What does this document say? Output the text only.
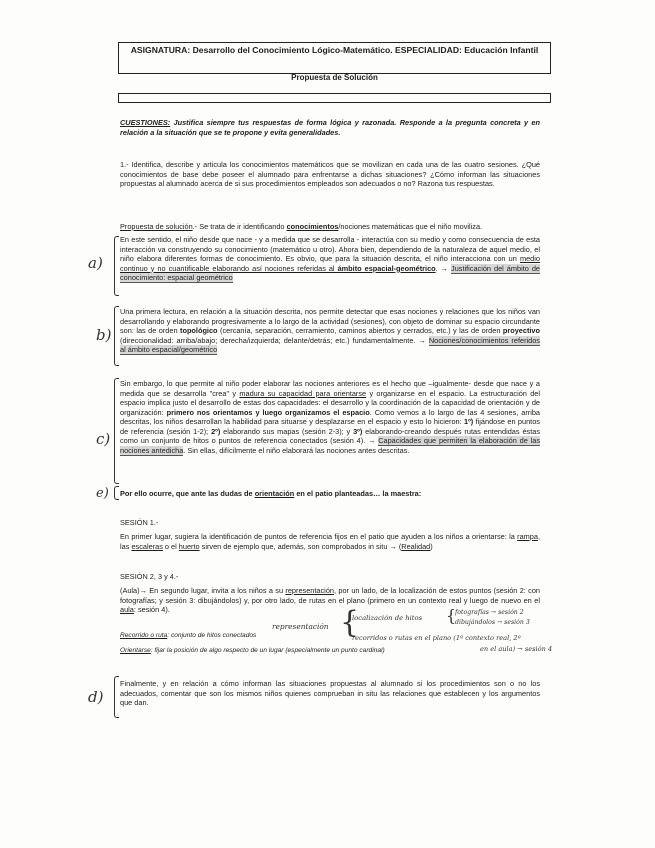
ASIGNATURA: Desarrollo del Conocimiento Lógico-Matemático. ESPECIALIDAD: Educación Infantil
Propuesta de Solución
CUESTIONES: Justifica siempre tus respuestas de forma lógica y razonada. Responde a la pregunta concreta y en relación a la situación que se te propone y evita generalidades.
1.- Identifica, describe y articula los conocimientos matemáticos que se movilizan en cada una de las cuatro sesiones. ¿Qué conocimientos de base debe poseer el alumnado para enfrentarse a dichas situaciones? ¿Cómo informan las situaciones propuestas al alumnado acerca de si sus procedimientos empleados son adecuados o no? Razona tus respuestas.
Propuesta de solución.- Se trata de ir identificando conocimientos/nociones matemáticas que el niño moviliza.
a)
En este sentido, el niño desde que nace - y a medida que se desarrolla - interactúa con su medio y como consecuencia de esta interacción va construyendo su conocimiento (matemático u otro). Ahora bien, dependiendo de la naturaleza de aquel medio, el niño elabora diferentes formas de conocimiento. Es obvio, que para la situación descrita, el niño interacciona con un medio continuo y no cuantificable elaborando así nociones referidas al ámbito espacial-geométrico. → Justificación del ámbito de conocimiento: espacial geométrico
b)
Una primera lectura, en relación a la situación descrita, nos permite detectar que esas nociones y relaciones que los niños van desarrollando y elaborando progresivamente a lo largo de la actividad (sesiones), con objeto de dominar su espacio circundante son: las de orden topológico (cercanía, separación, cerramiento, caminos abiertos y cerrados, etc.) y las de orden proyectivo (direccionalidad: arriba/abajo; derecha/izquierda; delante/detrás; etc.) fundamentalmente. → Nociones/conocimientos referidos al ámbito espacial/geométrico
c)
Sin embargo, lo que permite al niño poder elaborar las nociones anteriores es el hecho que –igualmente- desde que nace y a medida que se desarrolla "crea" y madura su capacidad para orientarse y organizarse en el espacio. La estructuración del espacio implica justo el desarrollo de estas dos capacidades: el desarrollo y la coordinación de la capacidad de orientación y de organización: primero nos orientamos y luego organizamos el espacio. Como vemos a lo largo de las 4 sesiones, arriba descritas, los niños desarrollan la habilidad para situarse y desplazarse en el espacio y esto lo hicieron: 1º) fijándose en puntos de referencia (sesión 1-2); 2º) elaborando sus mapas (sesión 2-3); y 3º) elaborando-creando después rutas entendidas éstas como un conjunto de hitos o puntos de referencia conectados (sesión 4). → Capacidades que permiten la elaboración de las nociones antedicha. Sin ellas, difícilmente el niño elaborará las nociones antes descritas.
e) Por ello ocurre, que ante las dudas de orientación en el patio planteadas… la maestra:
SESIÓN 1.-
En primer lugar, sugiera la identificación de puntos de referencia fijos en el patio que ayuden a los niños a orientarse: la rampa, las escaleras o el huerto sirven de ejemplo que, además, son comprobados in situ → (Realidad)
SESIÓN 2, 3 y 4.-
(Aula)→ En segundo lugar, invita a los niños a su representación, por un lado, de la localización de estos puntos (sesión 2: con fotografías; y sesión 3: dibujándolos) y, por otro lado, de rutas en el plano (primero en un contexto real y luego de nuevo en el aula: sesión 4).
Recorrido o ruta: conjunto de hitos conectados
Orientarse: fijar la posición de algo respecto de un lugar (especialmente un punto cardinal)
representación {
localización de hitos {
fotografías → sesión 2
dibujándolos → sesión 3
recorridos o rutas en el plano (1º contexto real, 2º
en el aula) → sesión 4
d)
Finalmente, y en relación a cómo informan las situaciones propuestas al alumnado si los procedimientos son o no los adecuados, comentar que son los mismos niños quienes comprueban in situ las relaciones que establecen y los argumentos que dan.
